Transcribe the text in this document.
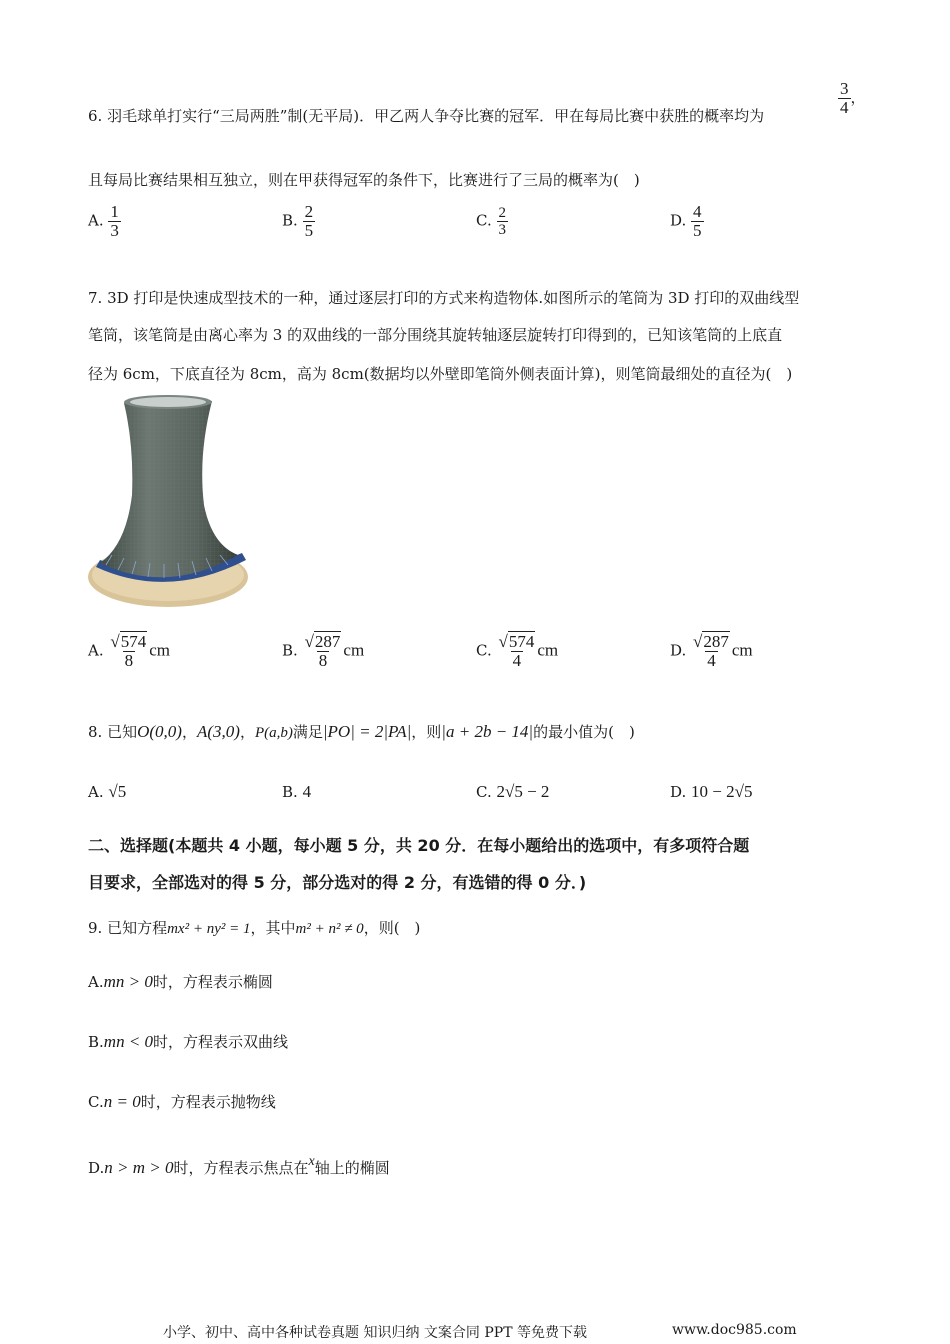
6. 羽毛球单打实行“三局两胜”制(无平局)．甲乙两人争夺比赛的冠军．甲在每局比赛中获胜的概率均为	$\frac{3}{4}$ ，
且每局比赛结果相互独立，则在甲获得冠军的条件下，比赛进行了三局的概率为(　)
A. $\frac{1}{3}$	B. $\frac{2}{5}$	C. $\frac{2}{3}$	D. $\frac{4}{5}$
7. 3D 打印是快速成型技术的一种，通过逐层打印的方式来构造物体.如图所示的笔筒为 3D 打印的双曲线型
笔筒，该笔筒是由离心率为 3 的双曲线的一部分围绕其旋转轴逐层旋转打印得到的，已知该笔筒的上底直
径为 6cm，下底直径为 8cm，高为 8cm(数据均以外壁即笔筒外侧表面计算)，则笔筒最细处的直径为(　)
A. $\frac{√574}{8}$ cm	B. $\frac{√287}{8}$ cm	C. $\frac{√574}{4}$ cm	D. $\frac{√287}{4}$ cm
8. 已知O(0,0)，A(3,0)，P(a,b)满足|PO| = 2|PA|，则|a + 2b − 14|的最小值为(　)
A. √5	B. 4	C. 2√5 − 2	D. 10 − 2√5
二、选择题(本题共 4 小题，每小题 5 分，共 20 分．在每小题给出的选项中，有多项符合题
目要求，全部选对的得 5 分，部分选对的得 2 分，有选错的得 0 分．)
9. 已知方程mx² + ny² = 1，其中m² + n² ≠ 0，则(　)
A.mn > 0时，方程表示椭圆
B.mn < 0时，方程表示双曲线
C.n = 0时，方程表示抛物线
D.n > m > 0时，方程表示焦点在x轴上的椭圆
小学、初中、高中各种试卷真题 知识归纳 文案合同 PPT 等免费下载	www.doc985.com
